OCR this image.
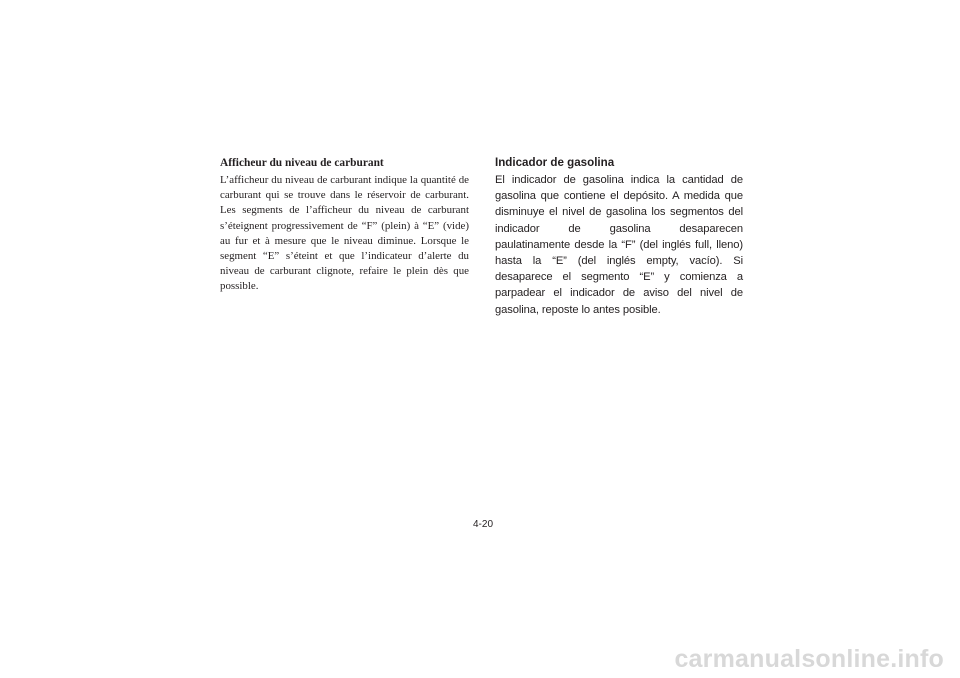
Afficheur du niveau de carburant

L’afficheur du niveau de carburant indique la quantité de carburant qui se trouve dans le réservoir de carburant. Les segments de l’afficheur du niveau de carburant s’éteignent progressivement de “F” (plein) à “E” (vide) au fur et à mesure que le niveau diminue. Lorsque le segment “E” s’éteint et que l’indicateur d’alerte du niveau de carburant clignote, refaire le plein dès que possible.

Indicador de gasolina

El indicador de gasolina indica la cantidad de gasolina que contiene el depósito. A medida que disminuye el nivel de gasolina los segmentos del indicador de gasolina desaparecen paulatinamente desde la “F” (del inglés full, lleno) hasta la “E” (del inglés empty, vacío). Si desaparece el segmento “E” y comienza a parpadear el indicador de aviso del nivel de gasolina, reposte lo antes posible.

4-20
carmanualsonline.info
